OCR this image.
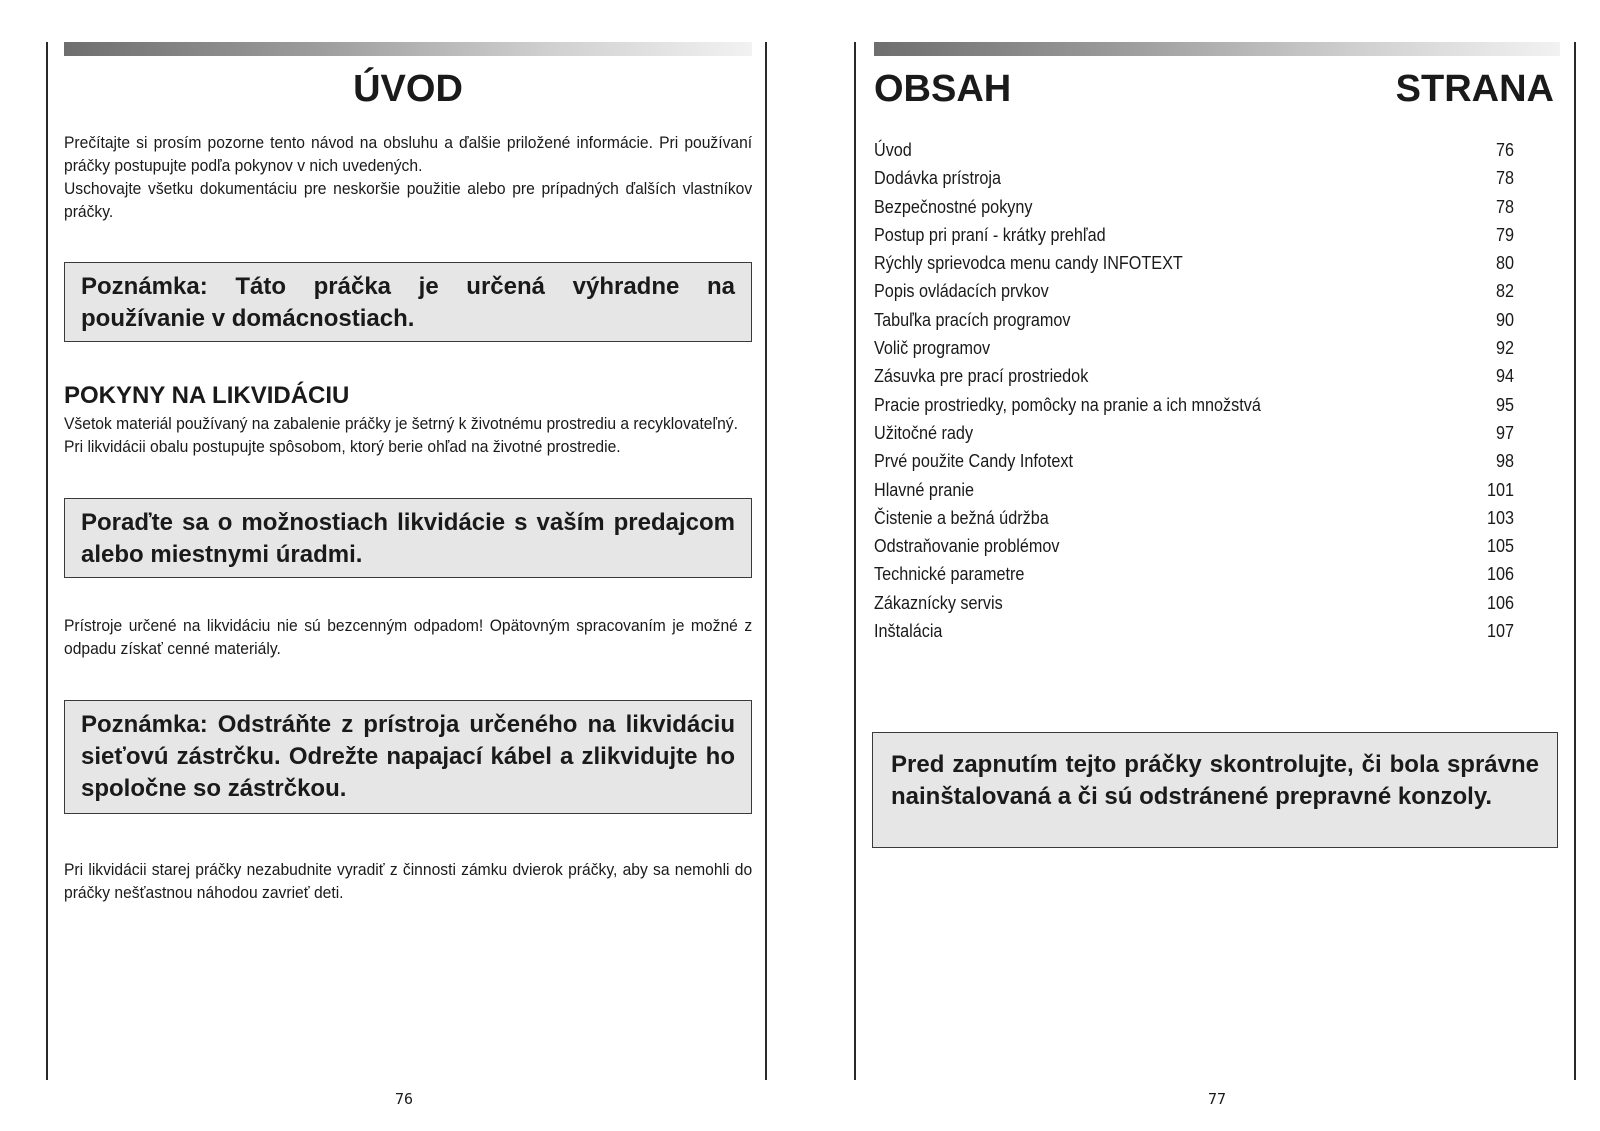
ÚVOD
Prečítajte si prosím pozorne tento návod na obsluhu a ďalšie priložené informácie. Pri používaní práčky postupujte podľa pokynov v nich uvedených.
Uschovajte všetku dokumentáciu pre neskoršie použitie alebo pre prípadných ďalších vlastníkov práčky.
Poznámka: Táto práčka je určená výhradne na používanie v domácnostiach.
POKYNY NA LIKVIDÁCIU
Všetok materiál používaný na zabalenie práčky je šetrný k životnému prostrediu a recyklovateľný.
Pri likvidácii obalu postupujte spôsobom, ktorý berie ohľad na životné prostredie.
Poraďte sa o možnostiach likvidácie s vaším predajcom alebo miestnymi úradmi.
Prístroje určené na likvidáciu nie sú bezcenným odpadom! Opätovným spracovaním je možné z odpadu získať cenné materiály.
Poznámka: Odstráňte z prístroja určeného na likvidáciu sieťovú zástrčku. Odrežte napajací kábel a zlikvidujte ho spoločne so zástrčkou.
Pri likvidácii starej práčky nezabudnite vyradiť z činnosti zámku dvierok práčky, aby sa nemohli do práčky nešťastnou náhodou zavrieť deti.
76
OBSAH	STRANA
Úvod	76
Dodávka prístroja	78
Bezpečnostné pokyny	78
Postup pri praní - krátky prehľad	79
Rýchly sprievodca menu candy INFOTEXT	80
Popis ovládacích prvkov	82
Tabuľka pracích programov	90
Volič programov	92
Zásuvka pre prací prostriedok	94
Pracie prostriedky, pomôcky na pranie a ich množstvá	95
Užitočné rady	97
Prvé použite Candy Infotext	98
Hlavné pranie	101
Čistenie a bežná údržba	103
Odstraňovanie problémov	105
Technické parametre	106
Zákaznícky servis	106
Inštalácia	107
Pred zapnutím tejto práčky skontrolujte, či bola správne nainštalovaná a či sú odstránené prepravné konzoly.
77
